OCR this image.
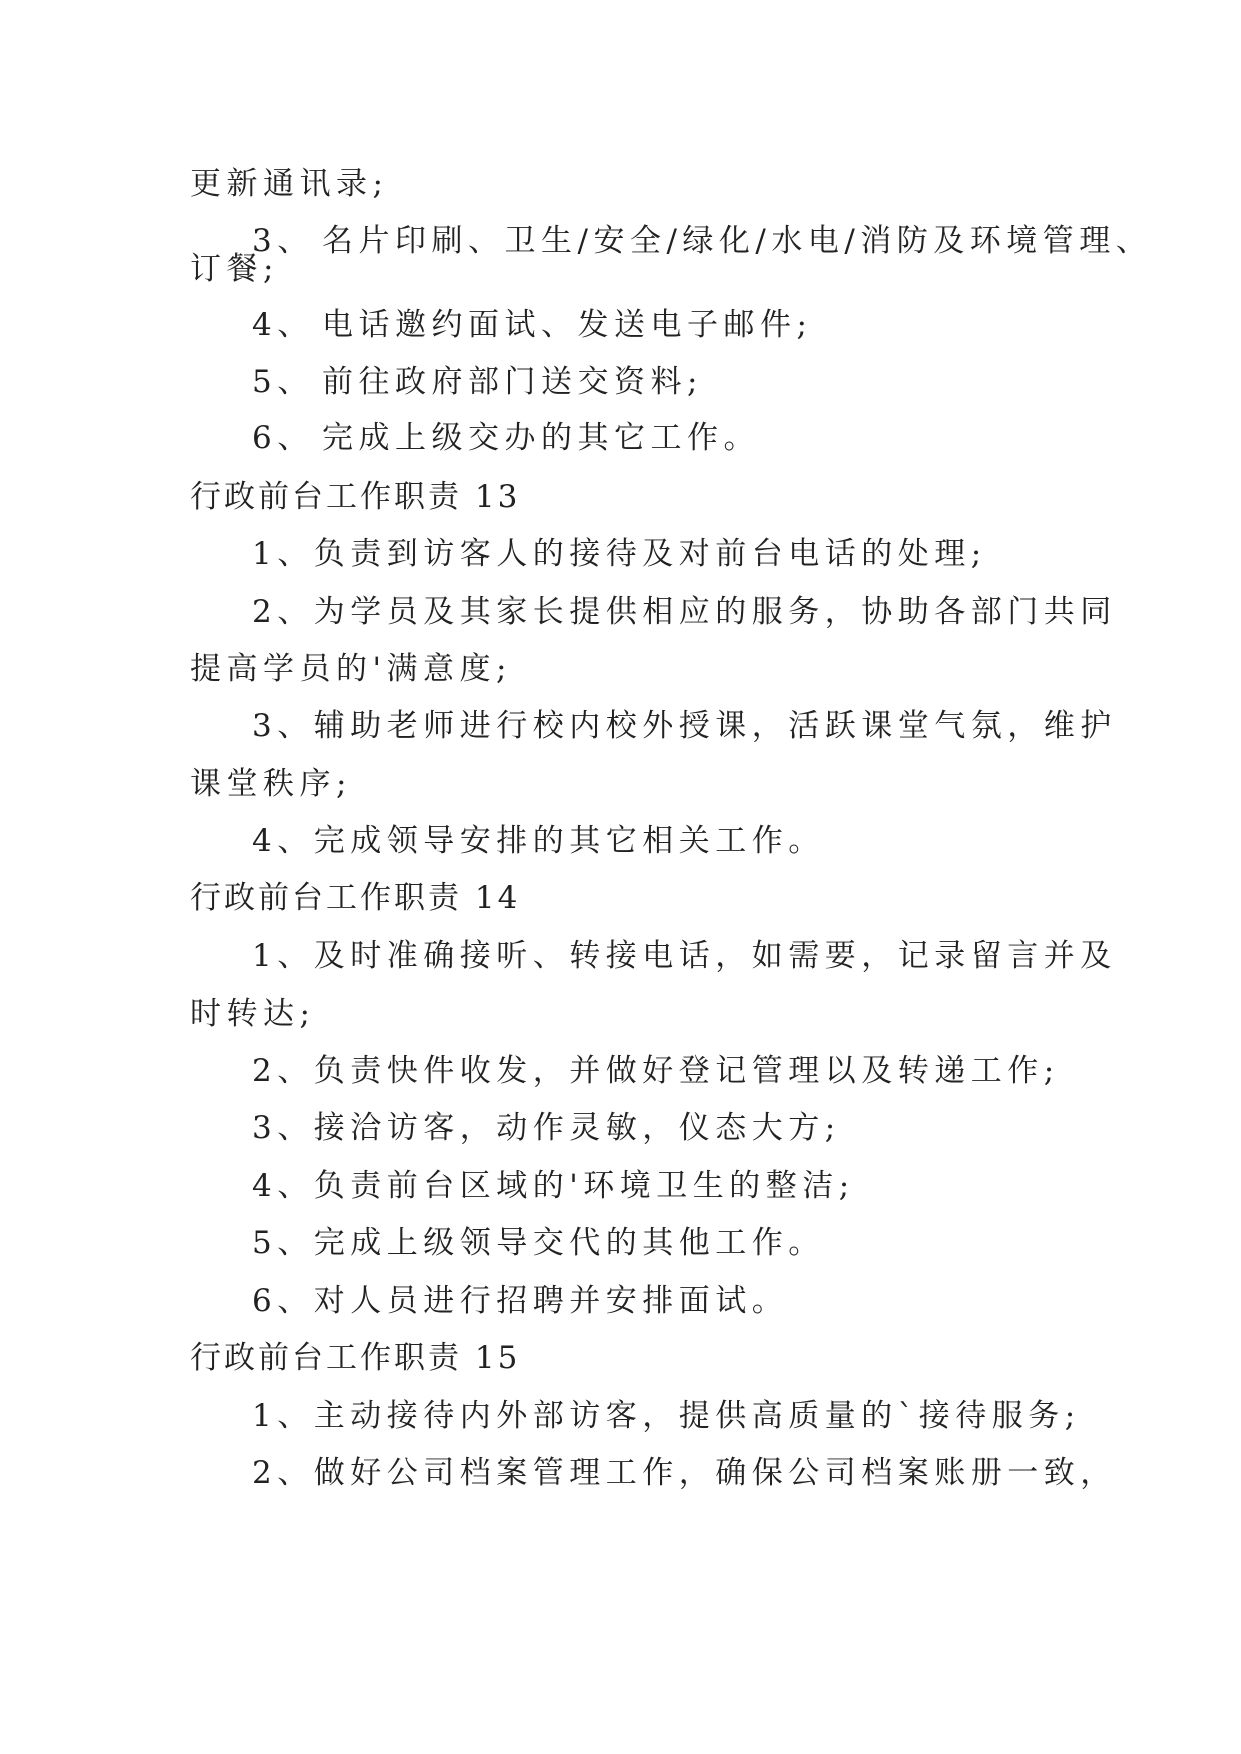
更新通讯录;
3、 名片印刷、卫生/安全/绿化/水电/消防及环境管理、
订餐;
4、 电话邀约面试、发送电子邮件;
5、 前往政府部门送交资料;
6、 完成上级交办的其它工作。
行政前台工作职责 13
1、负责到访客人的接待及对前台电话的处理;
2、为学员及其家长提供相应的服务，协助各部门共同
提高学员的'满意度;
3、辅助老师进行校内校外授课，活跃课堂气氛，维护
课堂秩序;
4、完成领导安排的其它相关工作。
行政前台工作职责 14
1、及时准确接听、转接电话，如需要，记录留言并及
时转达;
2、负责快件收发，并做好登记管理以及转递工作;
3、接洽访客，动作灵敏，仪态大方;
4、负责前台区域的'环境卫生的整洁;
5、完成上级领导交代的其他工作。
6、对人员进行招聘并安排面试。
行政前台工作职责 15
1、主动接待内外部访客，提供高质量的`接待服务;
2、做好公司档案管理工作，确保公司档案账册一致，
